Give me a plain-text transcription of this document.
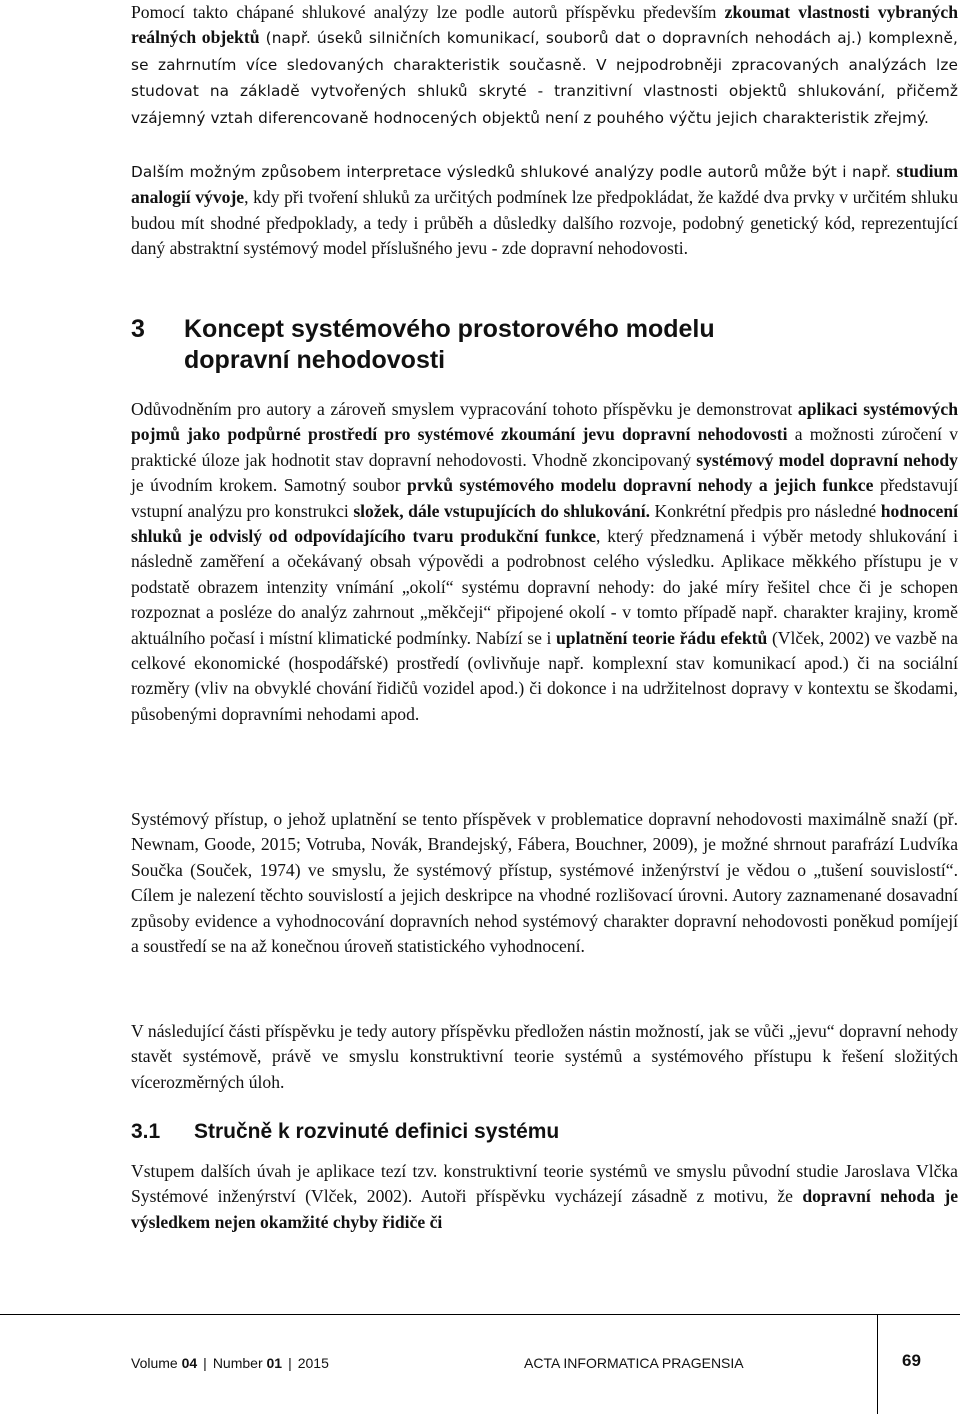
Pomocí takto chápané shlukové analýzy lze podle autorů příspěvku především zkoumat vlastnosti vybraných reálných objektů (např. úseků silničních komunikací, souborů dat o dopravních nehodách aj.) komplexně, se zahrnutím více sledovaných charakteristik současně. V nejpodrobněji zpracovaných analýzách lze studovat na základě vytvořených shluků skryté - tranzitivní vlastnosti objektů shlukování, přičemž vzájemný vztah diferencovaně hodnocených objektů není z pouhého výčtu jejich charakteristik zřejmý.

Dalším možným způsobem interpretace výsledků shlukové analýzy podle autorů může být i např. studium analogií vývoje, kdy při tvoření shluků za určitých podmínek lze předpokládat, že každé dva prvky v určitém shluku budou mít shodné předpoklady, a tedy i průběh a důsledky dalšího rozvoje, podobný genetický kód, reprezentující daný abstraktní systémový model příslušného jevu - zde dopravní nehodovosti.

3 Koncept systémového prostorového modelu
dopravní nehodovosti

Odůvodněním pro autory a zároveň smyslem vypracování tohoto příspěvku je demonstrovat aplikaci systémových pojmů jako podpůrné prostředí pro systémové zkoumání jevu dopravní nehodovosti a možnosti zúročení v praktické úloze jak hodnotit stav dopravní nehodovosti. Vhodně zkoncipovaný systémový model dopravní nehody je úvodním krokem. Samotný soubor prvků systémového modelu dopravní nehody a jejich funkce představují vstupní analýzu pro konstrukci složek, dále vstupujících do shlukování. Konkrétní předpis pro následné hodnocení shluků je odvislý od odpovídajícího tvaru produkční funkce, který předznamená i výběr metody shlukování i následně zaměření a očekávaný obsah výpovědi a podrobnost celého výsledku. Aplikace měkkého přístupu je v podstatě obrazem intenzity vnímání „okolí“ systému dopravní nehody: do jaké míry řešitel chce či je schopen rozpoznat a posléze do analýz zahrnout „měkčeji“ připojené okolí - v tomto případě např. charakter krajiny, kromě aktuálního počasí i místní klimatické podmínky. Nabízí se i uplatnění teorie řádu efektů (Vlček, 2002) ve vazbě na celkové ekonomické (hospodářské) prostředí (ovlivňuje např. komplexní stav komunikací apod.) či na sociální rozměry (vliv na obvyklé chování řidičů vozidel apod.) či dokonce i na udržitelnost dopravy v kontextu se škodami, působenými dopravními nehodami apod.

Systémový přístup, o jehož uplatnění se tento příspěvek v problematice dopravní nehodovosti maximálně snaží (př. Newnam, Goode, 2015; Votruba, Novák, Brandejský, Fábera, Bouchner, 2009), je možné shrnout parafrází Ludvíka Součka (Souček, 1974) ve smyslu, že systémový přístup, systémové inženýrství je vědou o „tušení souvislostí“. Cílem je nalezení těchto souvislostí a jejich deskripce na vhodné rozlišovací úrovni. Autory zaznamenané dosavadní způsoby evidence a vyhodnocování dopravních nehod systémový charakter dopravní nehodovosti poněkud pomíjejí a soustředí se na až konečnou úroveň statistického vyhodnocení.

V následující části příspěvku je tedy autory příspěvku předložen nástin možností, jak se vůči „jevu“ dopravní nehody stavět systémově, právě ve smyslu konstruktivní teorie systémů a systémového přístupu k řešení složitých vícerozměrných úloh.

3.1 Stručně k rozvinuté definici systému

Vstupem dalších úvah je aplikace tezí tzv. konstruktivní teorie systémů ve smyslu původní studie Jaroslava Vlčka Systémové inženýrství (Vlček, 2002). Autoři příspěvku vycházejí zásadně z motivu, že dopravní nehoda je výsledkem nejen okamžité chyby řidiče či

Volume 04 | Number 01 | 2015	ACTA INFORMATICA PRAGENSIA	69
